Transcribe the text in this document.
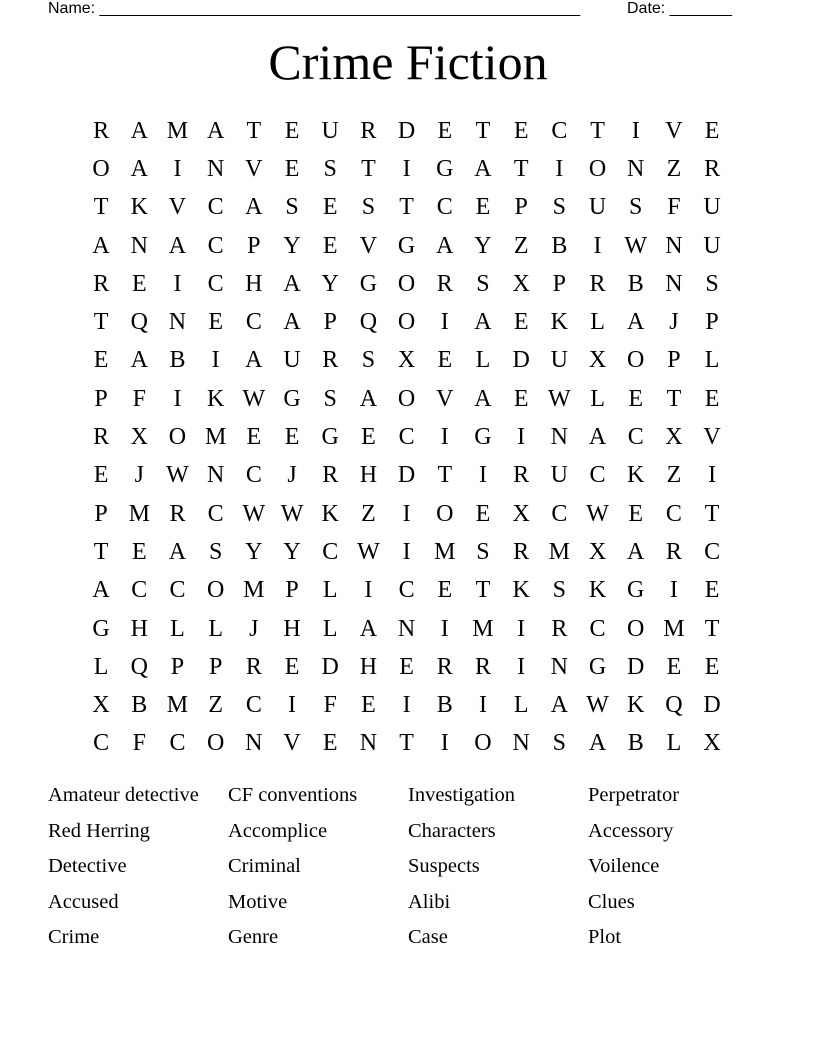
Name: ______________________________________________________	Date: _______
Crime Fiction
R A M A T E U R D E T E C T	I	V E
O A	I	N V E	S	T	I	G A T	I	O N Z R
T K V C A S	E	S	T C E	P	S U S	F U
A N A C P Y E V G A Y Z B	I W N U
R E	I	C H A Y G O R S X P R B N S
T Q N E C A P Q O	I	A E K L A	J	P
E A B	I	A U R S X E L D U X O P	L
P	F	I	K W G S A O V A E W L E T E
R X O M E E G E C	I	G	I	N A C X V
E	J W N C	J	R H D T	I	R U C K Z	I
P M R C W W K Z	I	O E X C W E C T
T E A S Y Y C W I M S R M X A R C
A C C O M P	L	I	C E T K S K G	I	E
G H L L	J	H L A N	I M I	R C O M T
L Q P	P R E D H E R R	I	N G D E E
X B M Z C	I	F	E	I	B	I	L A W K Q D
C F C O N V E N T	I	O N S A B L X
Amateur detective	CF conventions	Investigation	Perpetrator
Red Herring	Accomplice	Characters	Accessory
Detective	Criminal	Suspects	Voilence
Accused	Motive	Alibi	Clues
Crime	Genre	Case	Plot
